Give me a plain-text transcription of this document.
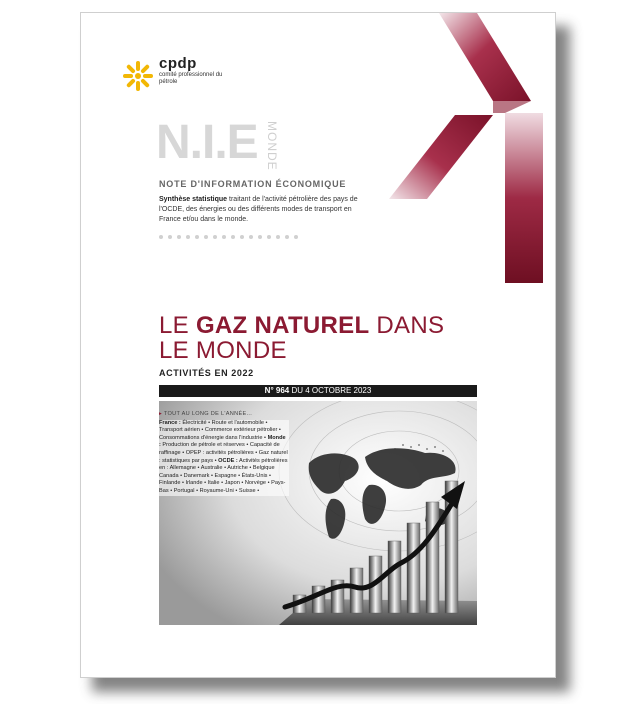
cpdp
comité professionnel du pétrole
N.I.E MONDE
NOTE D'INFORMATION ÉCONOMIQUE
Synthèse statistique traitant de l'activité pétrolière des pays de l'OCDE, des énergies ou des différents modes de transport en France et/ou dans le monde.
LE GAZ NATUREL DANS LE MONDE
ACTIVITÉS EN 2022
N° 964 DU 4 OCTOBRE 2023
▸ TOUT AU LONG DE L'ANNÉE...
France : Électricité • Route et l'automobile • Transport aérien • Commerce extérieur pétrolier • Consommations d'énergie dans l'industrie • Monde : Production de pétrole et réserves • Capacité de raffinage • OPEP : activités pétrolières • Gaz naturel : statistiques par pays • OCDE : Activités pétrolières en : Allemagne • Australie • Autriche • Belgique Canada • Danemark • Espagne • États-Unis • Finlande • Irlande • Italie • Japon • Norvège • Pays-Bas • Portugal • Royaume-Uni • Suisse •
